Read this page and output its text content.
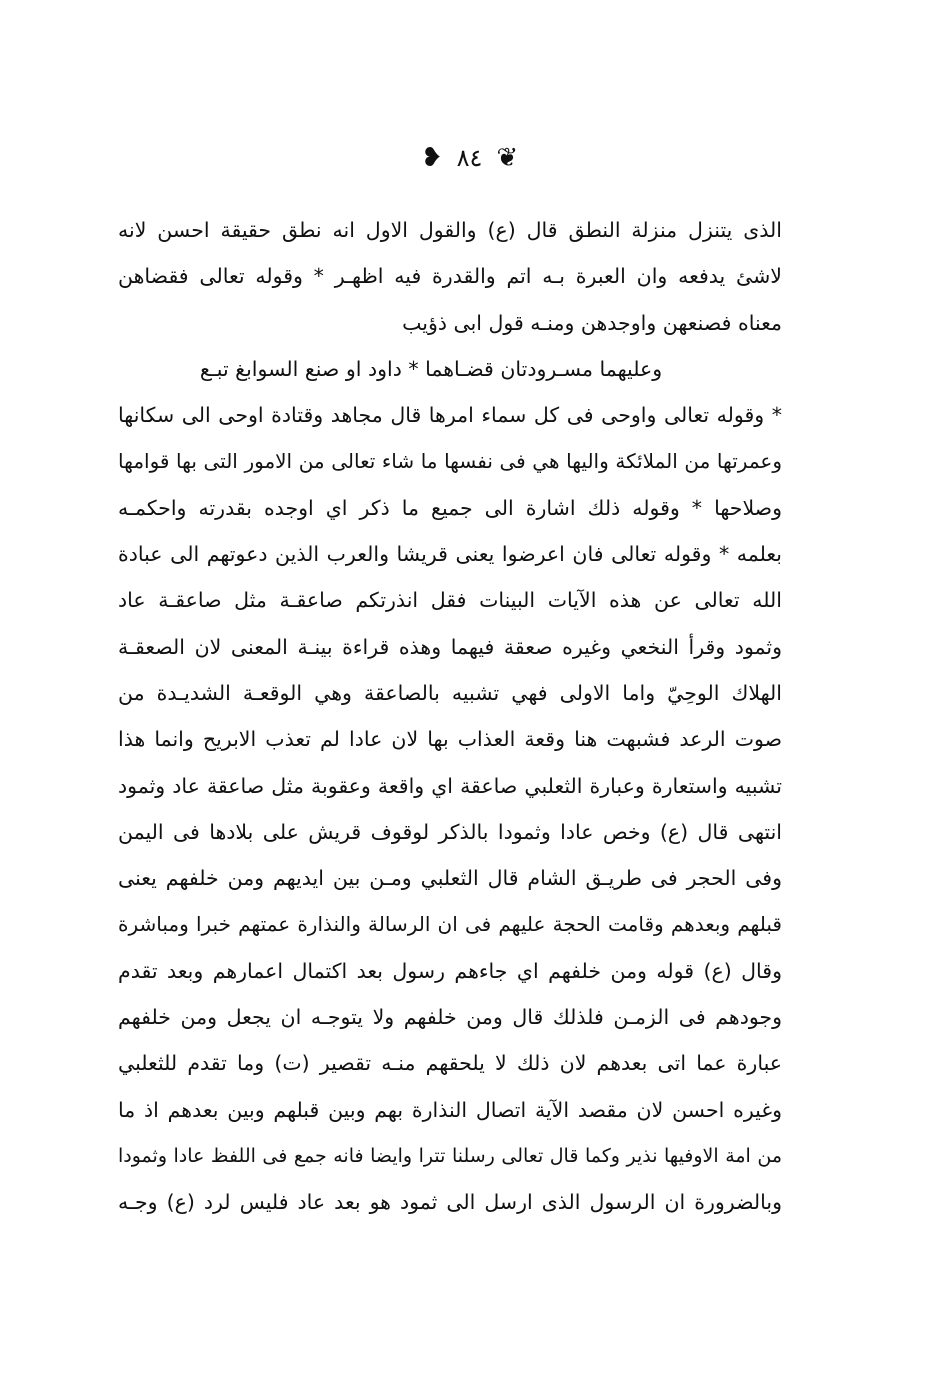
❥ ٨٤ ❦
الذى يتنزل منزلة النطق قال (ع) والقول الاول انه نطق حقيقة احسن لانه
لاشئ يدفعه وان العبرة بـه اتم والقدرة فيه اظهـر * وقوله تعالى فقضاهن
معناه فصنعهن واوجدهن ومنـه قول ابى ذؤيب
وعليهما مسـرودتان قضـاهما * داود او صنع السوابغ تبـع
* وقوله تعالى واوحى فى كل سماء امرها قال مجاهد وقتادة اوحى الى سكانها
وعمرتها من الملائكة واليها هي فى نفسها ما شاء تعالى من الامور التى بها قوامها
وصلاحها * وقوله ذلك اشارة الى جميع ما ذكر اي اوجده بقدرته واحكمـه
بعلمه * وقوله تعالى فان اعرضوا يعنى قريشا والعرب الذين دعوتهم الى عبادة
الله تعالى عن هذه الآيات البينات فقل انذرتكم صاعقـة مثل صاعقـة عاد
وثمود وقرأ النخعي وغيره صعقة فيهما وهذه قراءة بينـة المعنى لان الصعقـة
الهلاك الوحِيّ واما الاولى فهي تشبيه بالصاعقة وهي الوقعـة الشديـدة من
صوت الرعد فشبهت هنا وقعة العذاب بها لان عادا لم تعذب الابريح وانما هذا
تشبيه واستعارة وعبارة الثعلبي صاعقة اي واقعة وعقوبة مثل صاعقة عاد وثمود
انتهى قال (ع) وخص عادا وثمودا بالذكر لوقوف قريش على بلادها فى اليمن
وفى الحجر فى طريـق الشام قال الثعلبي ومـن بين ايديهم ومن خلفهم يعنى
قبلهم وبعدهم وقامت الحجة عليهم فى ان الرسالة والنذارة عمتهم خبرا ومباشرة
وقال (ع) قوله ومن خلفهم اي جاءهم رسول بعد اكتمال اعمارهم وبعد تقدم
وجودهم فى الزمـن فلذلك قال ومن خلفهم ولا يتوجـه ان يجعل ومن خلفهم
عبارة عما اتى بعدهم لان ذلك لا يلحقهم منـه تقصير (ت) وما تقدم للثعلبي
وغيره احسن لان مقصد الآية اتصال النذارة بهم وبين قبلهم وبين بعدهم اذ ما
من امة الاوفيها نذير وكما قال تعالى رسلنا تترا وايضا فانه جمع فى اللفظ عادا وثمودا
وبالضرورة ان الرسول الذى ارسل الى ثمود هو بعد عاد فليس لرد (ع) وجـه
